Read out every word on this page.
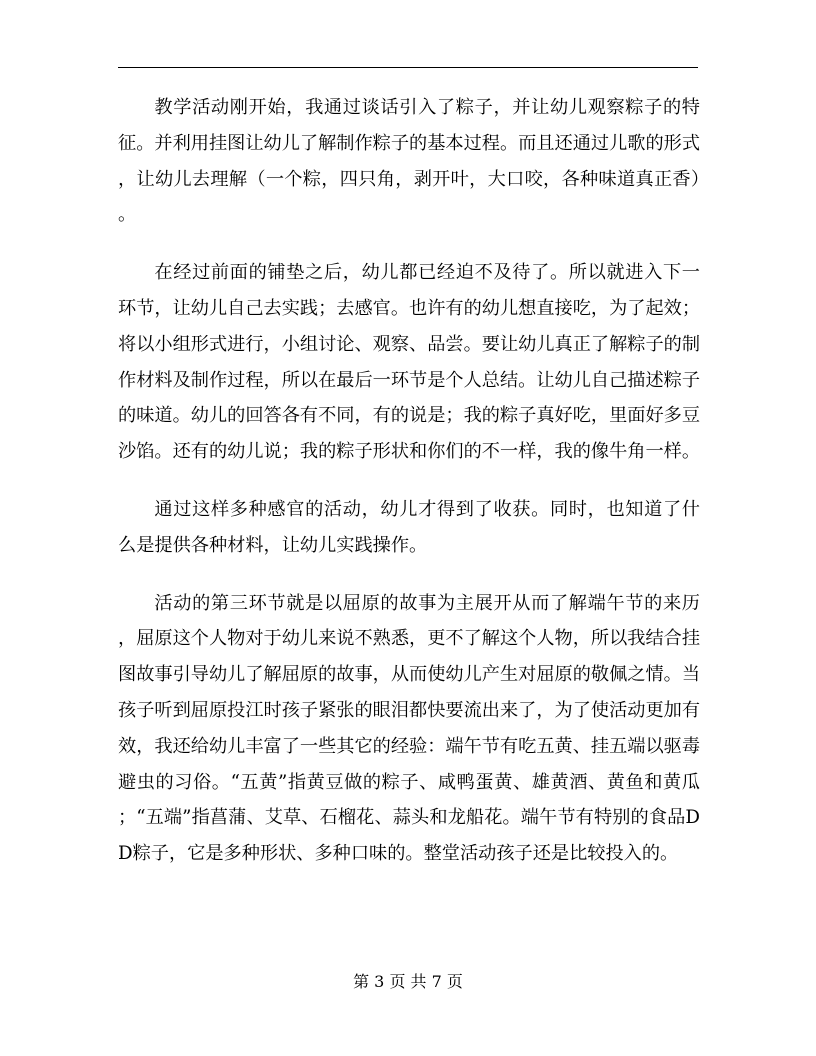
教学活动刚开始，我通过谈话引入了粽子，并让幼儿观察粽子的特征。并利用挂图让幼儿了解制作粽子的基本过程。而且还通过儿歌的形式，让幼儿去理解（一个粽，四只角，剥开叶，大口咬，各种味道真正香）。

在经过前面的铺垫之后，幼儿都已经迫不及待了。所以就进入下一环节，让幼儿自己去实践；去感官。也许有的幼儿想直接吃，为了起效；将以小组形式进行，小组讨论、观察、品尝。要让幼儿真正了解粽子的制作材料及制作过程，所以在最后一环节是个人总结。让幼儿自己描述粽子的味道。幼儿的回答各有不同，有的说是；我的粽子真好吃，里面好多豆沙馅。还有的幼儿说；我的粽子形状和你们的不一样，我的像牛角一样。

通过这样多种感官的活动，幼儿才得到了收获。同时，也知道了什么是提供各种材料，让幼儿实践操作。

活动的第三环节就是以屈原的故事为主展开从而了解端午节的来历，屈原这个人物对于幼儿来说不熟悉，更不了解这个人物，所以我结合挂图故事引导幼儿了解屈原的故事，从而使幼儿产生对屈原的敬佩之情。当孩子听到屈原投江时孩子紧张的眼泪都快要流出来了，为了使活动更加有效，我还给幼儿丰富了一些其它的经验：端午节有吃五黄、挂五端以驱毒避虫的习俗。“五黄”指黄豆做的粽子、咸鸭蛋黄、雄黄酒、黄鱼和黄瓜；“五端”指菖蒲、艾草、石榴花、蒜头和龙船花。端午节有特别的食品DD粽子，它是多种形状、多种口味的。整堂活动孩子还是比较投入的。

第 3 页 共 7 页
